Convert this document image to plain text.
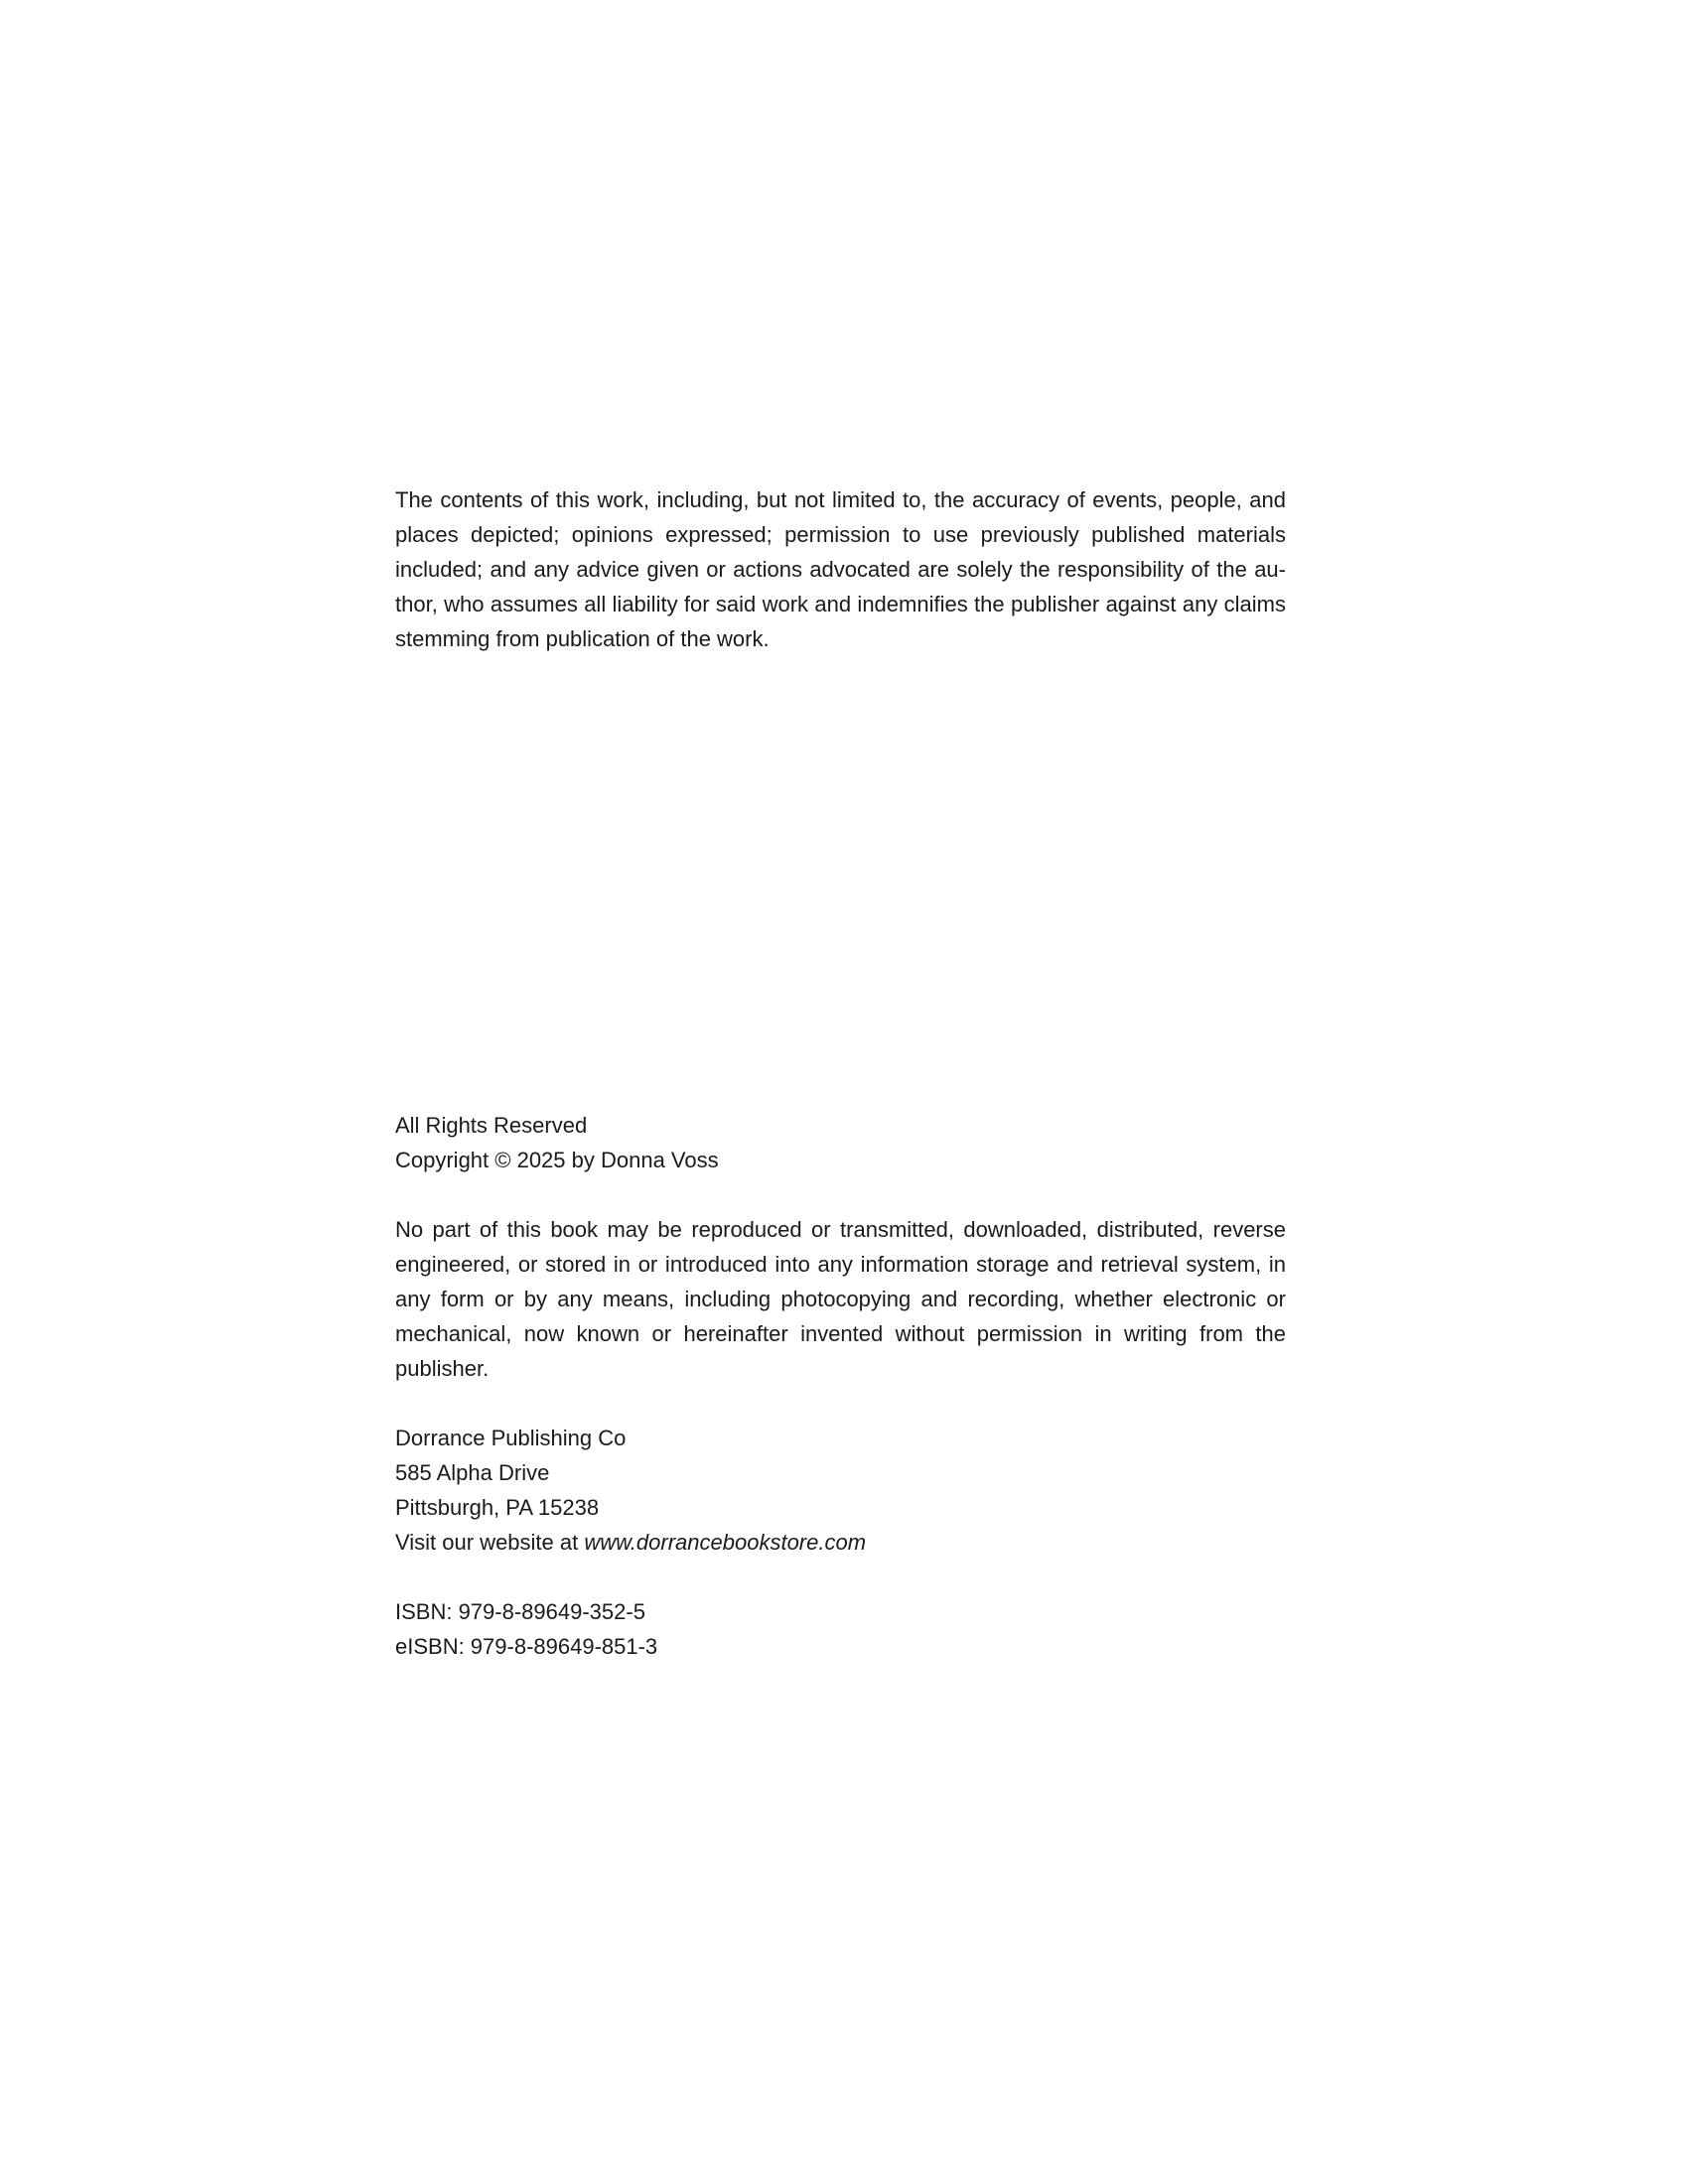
The contents of this work, including, but not limited to, the accuracy of events, people, and places depicted; opinions expressed; permission to use previously published materials included; and any advice given or actions advocated are solely the responsibility of the author, who assumes all liability for said work and indemnifies the publisher against any claims stemming from publication of the work.

All Rights Reserved
Copyright © 2025 by Donna Voss
No part of this book may be reproduced or transmitted, downloaded, distributed, reverse engineered, or stored in or introduced into any information storage and retrieval system, in any form or by any means, including photocopying and recording, whether electronic or mechanical, now known or hereinafter invented without permission in writing from the publisher.
Dorrance Publishing Co
585 Alpha Drive
Pittsburgh, PA 15238
Visit our website at www.dorrancebookstore.com
ISBN: 979-8-89649-352-5
eISBN: 979-8-89649-851-3
